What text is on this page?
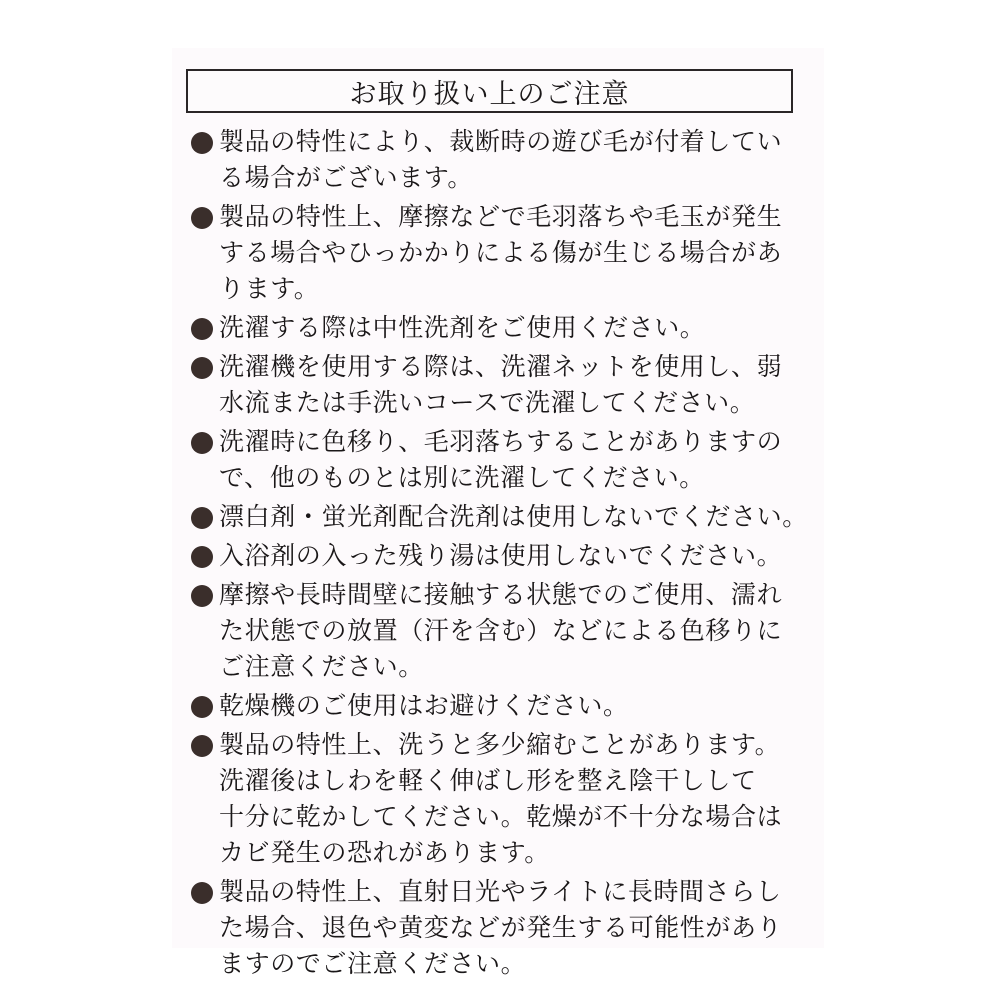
お取り扱い上のご注意
製品の特性により、裁断時の遊び毛が付着してい
る場合がございます。
製品の特性上、摩擦などで毛羽落ちや毛玉が発生
する場合やひっかかりによる傷が生じる場合があ
ります。
洗濯する際は中性洗剤をご使用ください。
洗濯機を使用する際は、洗濯ネットを使用し、弱
水流または手洗いコースで洗濯してください。
洗濯時に色移り、毛羽落ちすることがありますの
で、他のものとは別に洗濯してください。
漂白剤・蛍光剤配合洗剤は使用しないでください。
入浴剤の入った残り湯は使用しないでください。
摩擦や長時間壁に接触する状態でのご使用、濡れ
た状態での放置（汗を含む）などによる色移りに
ご注意ください。
乾燥機のご使用はお避けください。
製品の特性上、洗うと多少縮むことがあります。
洗濯後はしわを軽く伸ばし形を整え陰干しして
十分に乾かしてください。乾燥が不十分な場合は
カビ発生の恐れがあります。
製品の特性上、直射日光やライトに長時間さらし
た場合、退色や黄変などが発生する可能性があり
ますのでご注意ください。
